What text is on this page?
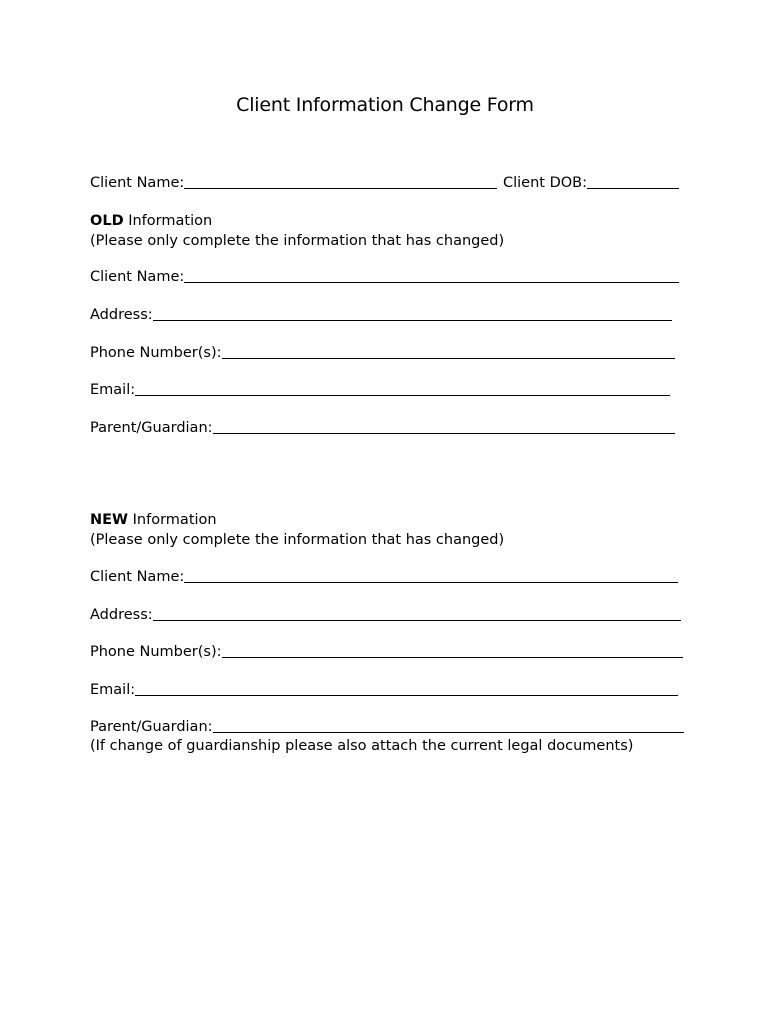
Client Information Change Form
Client Name:	Client DOB:
OLD Information
(Please only complete the information that has changed)
Client Name:
Address:
Phone Number(s):
Email:
Parent/Guardian:
NEW Information
(Please only complete the information that has changed)
Client Name:
Address:
Phone Number(s):
Email:
Parent/Guardian:
(If change of guardianship please also attach the current legal documents)
